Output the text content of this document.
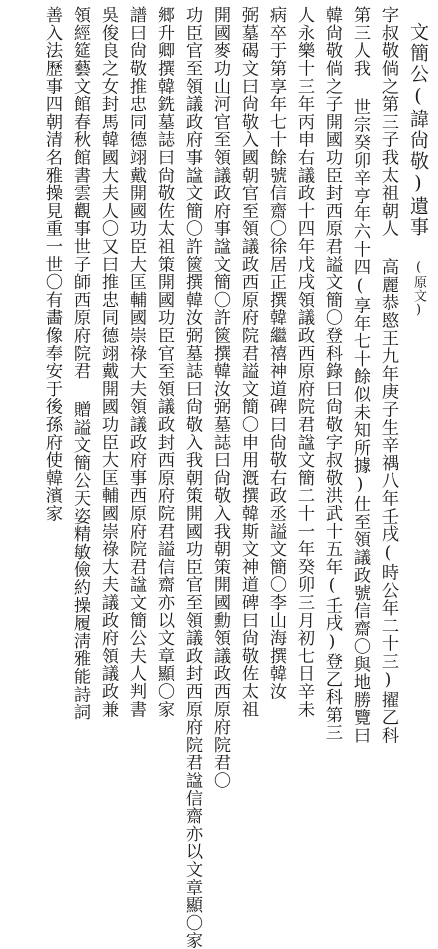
文簡公(諱尙敬)遺事(原文)
字叔敬倘之第三子我太祖朝人 高麗恭愍王九年庚子生辛禑八年壬戌(時公年二十三)擢乙科
第三人我 世宗癸卯辛亨年六十四(享年七十餘似未知所據)仕至領議政號信齋〇與地勝覽曰
韓尙敬倘之子開國功臣封西原君謚文簡〇登科錄曰尙敬字叔敬洪武十五年(壬戌)登乙科第三
人永樂十三年丙申右議政十四年戊戌領議政西原府院君諡文簡二十一年癸卯三月初七日辛未
病卒于第享年七十餘號信齋〇徐居正撰韓繼禧神道碑曰尙敬右政丞謚文簡〇李山海撰韓汝
弼墓碣文曰尙敬入國朝官至領議政西原府院君謚文簡〇申用漑撰韓斯文神道碑曰尙敬佐太祖
開國麥功山河官至領議政府事諡文簡〇許篋撰韓汝弼墓誌曰尙敬入我朝策開國勳領議政西原府院君〇
功臣官至領議政府事諡文簡〇許篋撰韓汝弼墓誌曰尙敬入我朝策開國功臣官至領議政封西原府院君諡信齋亦以文章顯〇家
郷升卿撰韓銑墓誌曰尙敬佐太祖策開國功臣官至領議政封西原府院君謚信齋亦以文章顯〇家
譜曰尙敬推忠同德翊戴開國功臣大匡輔國崇祿大夫領議政府事西原府院君諡文簡公夫人判書
吳俊良之女封馬韓國大夫人〇又曰推忠同德翊戴開國功臣大匡輔國崇祿大夫議政府領議政兼
領經筵藝文館春秋館書雲觀事世子師西原府院君 贈謚文簡公天姿精敏儉約操履淸雅能詩詞
善入法歷事四朝清名雅操見重一世〇有畵像奉安于後孫府使韓濱家
